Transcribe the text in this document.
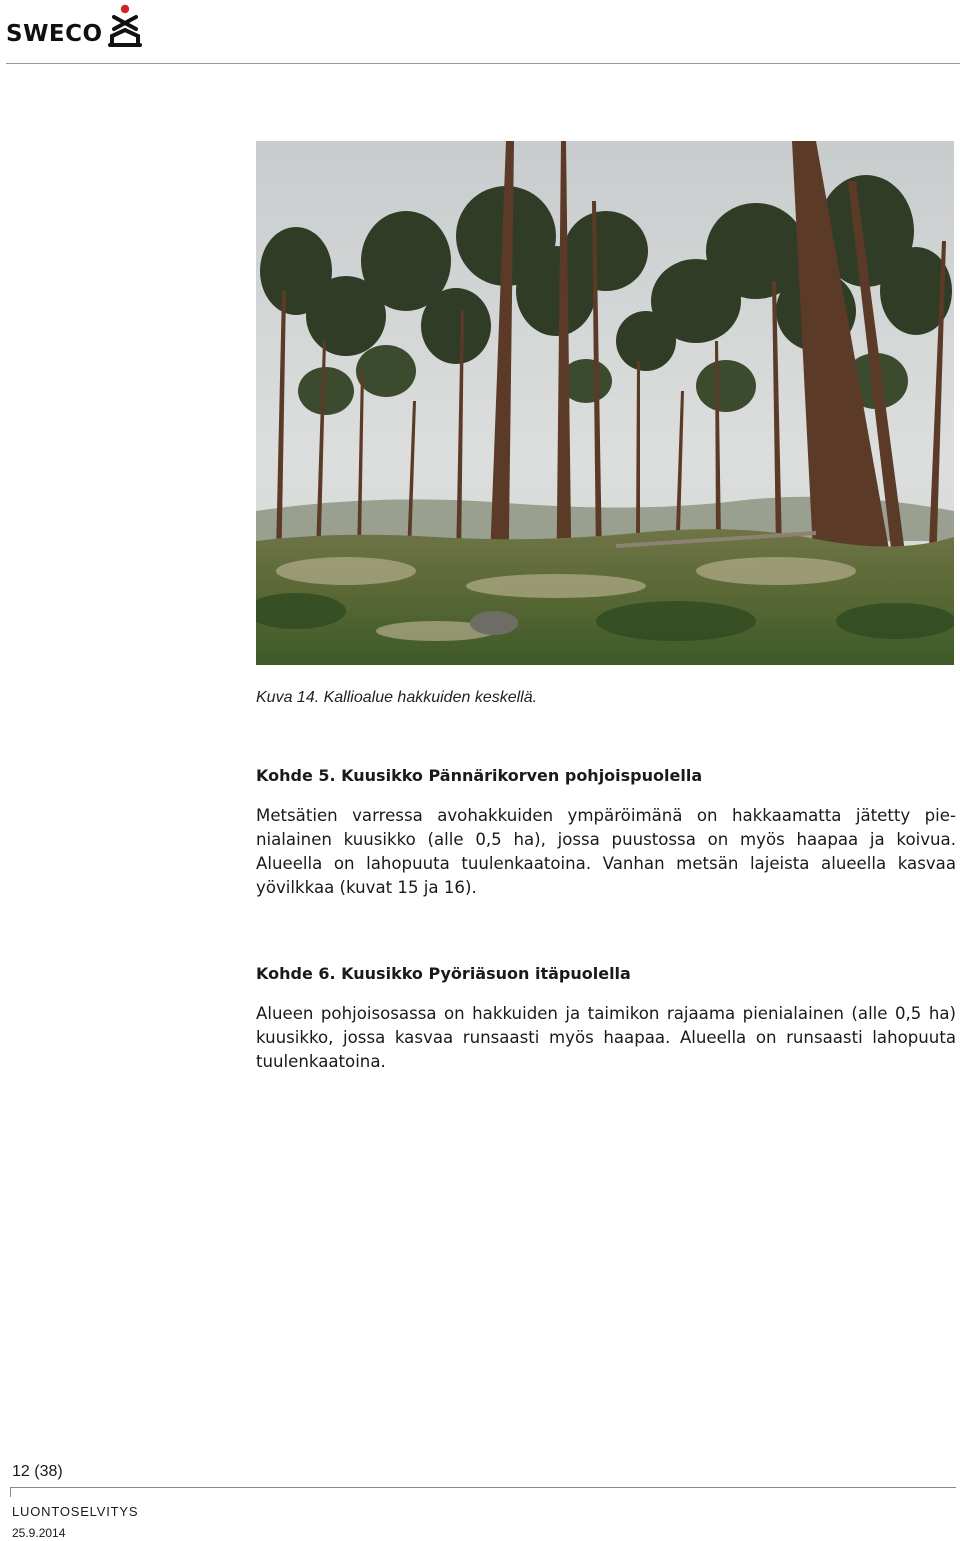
SWECO

Kuva 14. Kallioalue hakkuiden keskellä.

Kohde 5. Kuusikko Pännärikorven pohjoispuolella

Metsätien varressa avohakkuiden ympäröimänä on hakkaamatta jätetty pienialainen kuusikko (alle 0,5 ha), jossa puustossa on myös haapaa ja koivua. Alueella on lahopuuta tuulenkaatoina. Vanhan metsän lajeista alueella kasvaa yövilkkaa (kuvat 15 ja 16).

Kohde 6. Kuusikko Pyöriäsuon itäpuolella

Alueen pohjoisosassa on hakkuiden ja taimikon rajaama pienialainen (alle 0,5 ha) kuusikko, jossa kasvaa runsaasti myös haapaa. Alueella on runsaasti lahopuuta tuulenkaatoina.

12 (38)

LUONTOSELVITYS

25.9.2014
